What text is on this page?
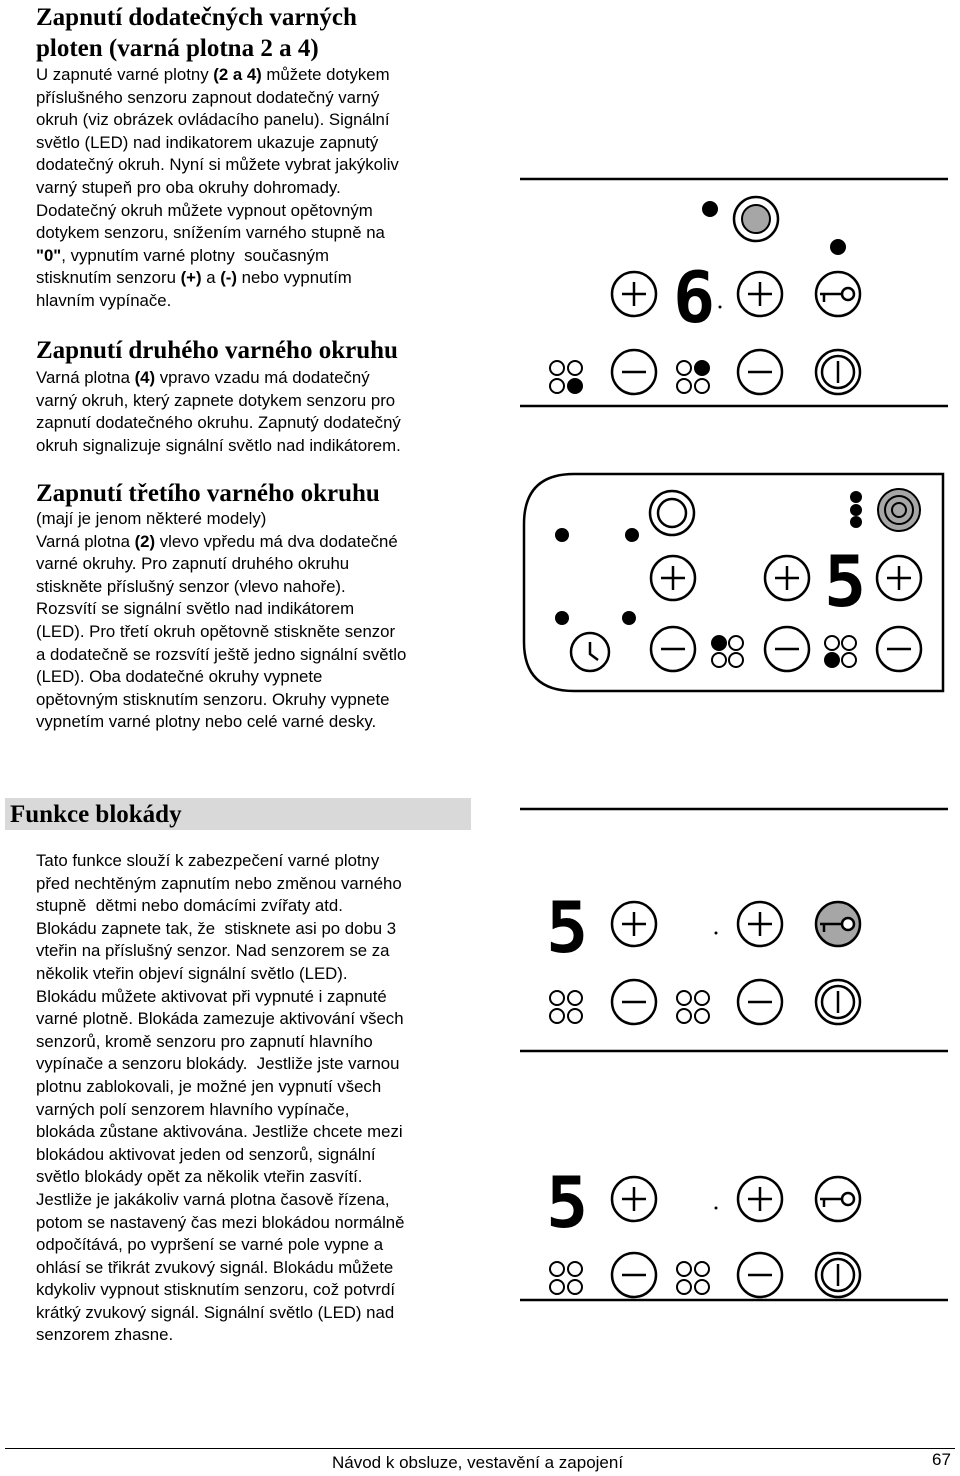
Zapnutí dodatečných varných
ploten (varná plotna 2 a 4)
U zapnuté varné plotny (2 a 4) můžete dotykem
příslušného senzoru zapnout dodatečný varný
okruh (viz obrázek ovládacího panelu). Signální
světlo (LED) nad indikatorem ukazuje zapnutý
dodatečný okruh. Nyní si můžete vybrat jakýkoliv
varný stupeň pro oba okruhy dohromady.
Dodatečný okruh můžete vypnout opětovným
dotykem senzoru, snížením varného stupně na
"0", vypnutím varné plotny  současným
stisknutím senzoru (+) a (-) nebo vypnutím
hlavním vypínače.
Zapnutí druhého varného okruhu
Varná plotna (4) vpravo vzadu má dodatečný
varný okruh, který zapnete dotykem senzoru pro
zapnutí dodatečného okruhu. Zapnutý dodatečný
okruh signalizuje signální světlo nad indikátorem.
Zapnutí třetího varného okruhu
(mají je jenom některé modely)
Varná plotna (2) vlevo vpředu má dva dodatečné
varné okruhy. Pro zapnutí druhého okruhu
stiskněte příslušný senzor (vlevo nahoře).
Rozsvítí se signální světlo nad indikátorem
(LED). Pro třetí okruh opětovně stiskněte senzor
a dodatečně se rozsvítí ještě jedno signální světlo
(LED). Oba dodatečné okruhy vypnete
opětovným stisknutím senzoru. Okruhy vypnete
vypnetím varné plotny nebo celé varné desky.
Funkce blokády
Tato funkce slouží k zabezpečení varné plotny
před nechtěným zapnutím nebo změnou varného
stupně  dětmi nebo domácími zvířaty atd.
Blokádu zapnete tak, že  stisknete asi po dobu 3
vteřin na příslušný senzor. Nad senzorem se za
několik vteřin objeví signální světlo (LED).
Blokádu můžete aktivovat při vypnuté i zapnuté
varné plotně. Blokáda zamezuje aktivování všech
senzorů, kromě senzoru pro zapnutí hlavního
vypínače a senzoru blokády.  Jestliže jste varnou
plotnu zablokovali, je možné jen vypnutí všech
varných polí senzorem hlavního vypínače,
blokáda zůstane aktivována. Jestliže chcete mezi
blokádou aktivovat jeden od senzorů, signální
světlo blokády opět za několik vteřin zasvítí.
Jestliže je jakákoliv varná plotna časově řízena,
potom se nastavený čas mezi blokádou normálně
odpočítává, po vypršení se varné pole vypne a
ohlásí se třikrát zvukový signál. Blokádu můžete
kdykoliv vypnout stisknutím senzoru, což potvrdí
krátký zvukový signál. Signální světlo (LED) nad
senzorem zhasne.
6
5
5
5
Návod k obsluze, vestavění a zapojení	67
